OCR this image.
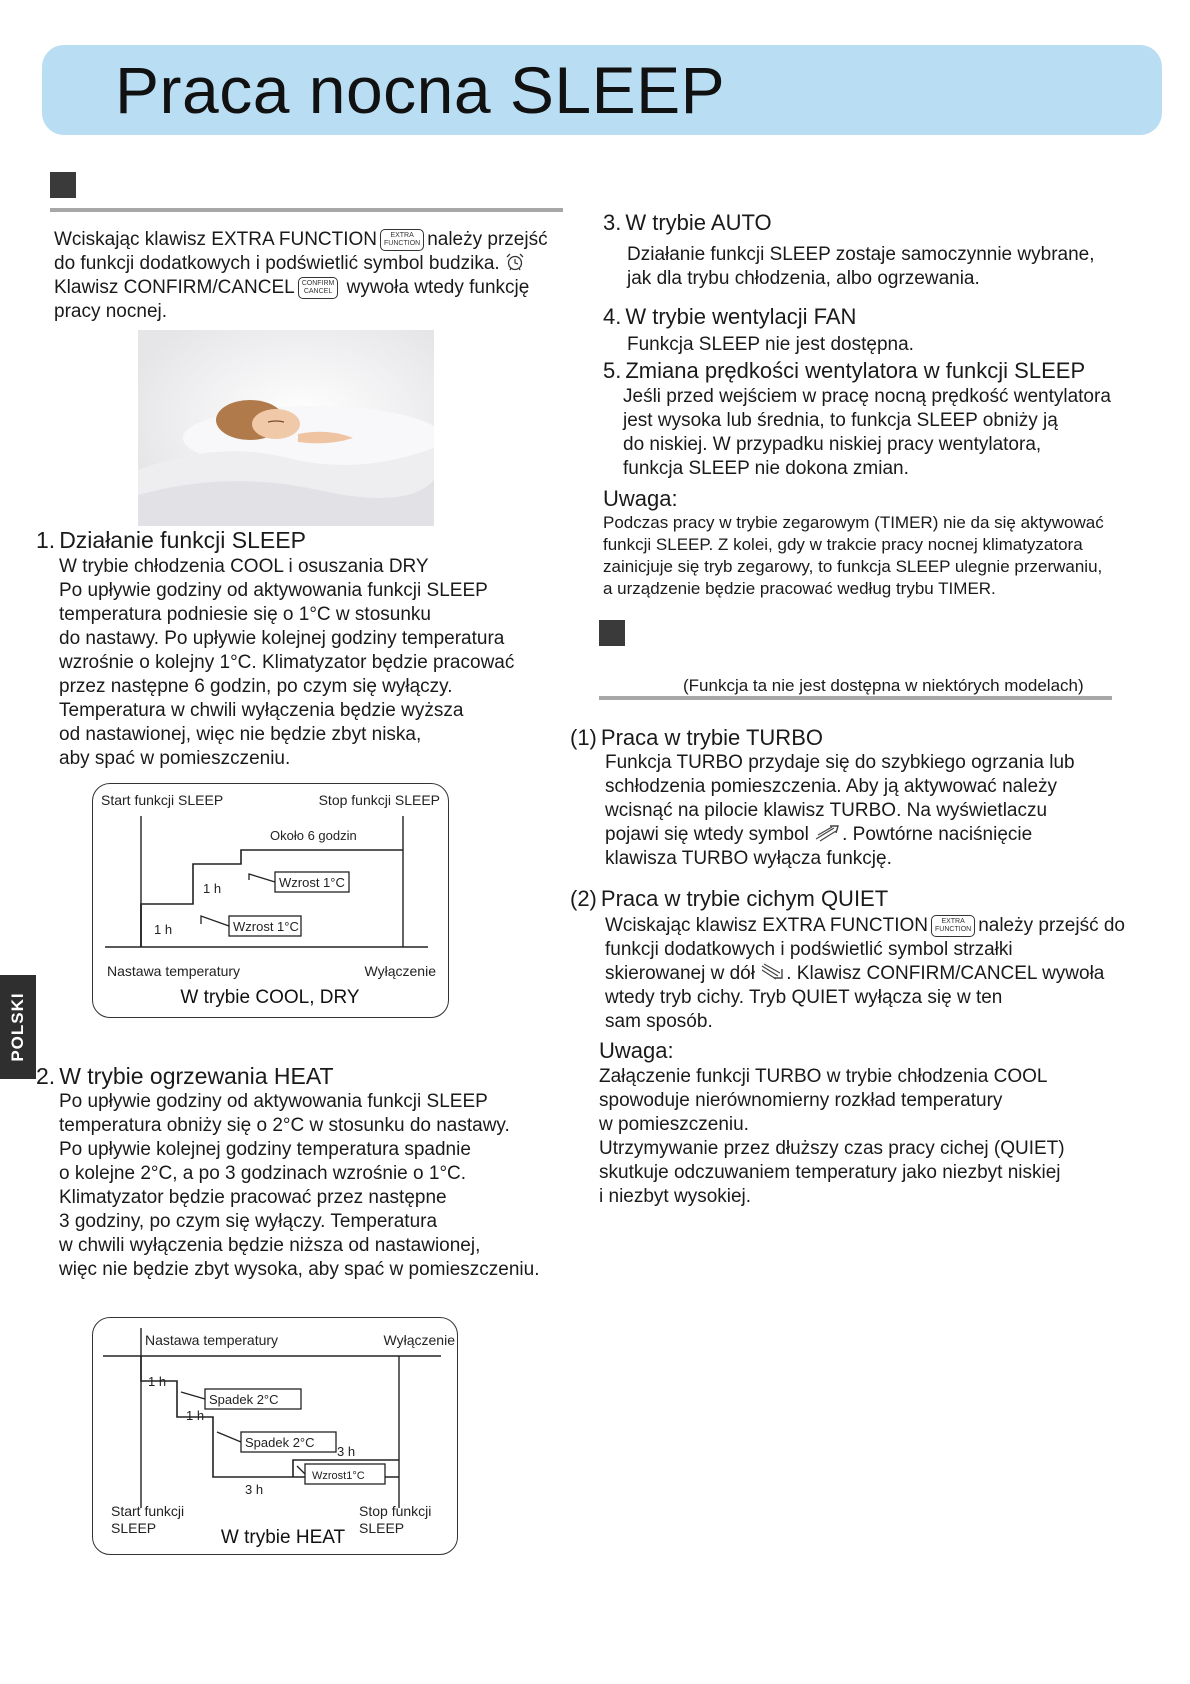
Praca nocna SLEEP
Wciskając klawisz EXTRA FUNCTION	EXTRA
FUNCTION należy przejść
do funkcji dodatkowych i podświetlić symbol budzika.
Klawisz CONFIRM/CANCEL CONFIRM
CANCEL wywoła wtedy funkcję
pracy nocnej.
1. Działanie funkcji SLEEP
W trybie chłodzenia COOL i osuszania DRY
Po upływie godziny od aktywowania funkcji SLEEP
temperatura podniesie się o 1°C w stosunku
do nastawy. Po upływie kolejnej godziny temperatura
wzrośnie o kolejny 1°C. Klimatyzator będzie pracować
przez następne 6 godzin, po czym się wyłączy.
Temperatura w chwili wyłączenia będzie wyższa
od nastawionej, więc nie będzie zbyt niska,
aby spać w pomieszczeniu.
Start funkcji SLEEP	Stop funkcji SLEEP
Około 6 godzin
1 h
1 h
Wzrost 1°C
Wzrost 1°C
Nastawa temperatury	Wyłączenie
W trybie COOL, DRY
POLSKI
2. W trybie ogrzewania HEAT
Po upływie godziny od aktywowania funkcji SLEEP
temperatura obniży się o 2°C w stosunku do nastawy.
Po upływie kolejnej godziny temperatura spadnie
o kolejne 2°C, a po 3 godzinach wzrośnie o 1°C.
Klimatyzator będzie pracować przez następne
3 godziny, po czym się wyłączy. Temperatura
w chwili wyłączenia będzie niższa od nastawionej,
więc nie będzie zbyt wysoka, aby spać w pomieszczeniu.
Nastawa temperatury	Wyłączenie
1 h
Spadek 2°C
1 h
Spadek 2°C
3 h
3 h
Wzrost1°C
Start funkcji
SLEEP
Stop funkcji
SLEEP
W trybie HEAT
3. W trybie AUTO
Działanie funkcji SLEEP zostaje samoczynnie wybrane,
jak dla trybu chłodzenia, albo ogrzewania.
4. W trybie wentylacji FAN
Funkcja SLEEP nie jest dostępna.
5. Zmiana prędkości wentylatora w funkcji SLEEP
Jeśli przed wejściem w pracę nocną prędkość wentylatora
jest wysoka lub średnia, to funkcja SLEEP obniży ją
do niskiej. W przypadku niskiej pracy wentylatora,
funkcja SLEEP nie dokona zmian.
Uwaga:
Podczas pracy w trybie zegarowym (TIMER) nie da się aktywować
funkcji SLEEP. Z kolei, gdy w trakcie pracy nocnej klimatyzatora
zainicjuje się tryb zegarowy, to funkcja SLEEP ulegnie przerwaniu,
a urządzenie będzie pracować według trybu TIMER.
(Funkcja ta nie jest dostępna w niektórych modelach)
(1) Praca w trybie TURBO
Funkcja TURBO przydaje się do szybkiego ogrzania lub
schłodzenia pomieszczenia. Aby ją aktywować należy
wcisnąć na pilocie klawisz TURBO. Na wyświetlaczu
pojawi się wtedy symbol . Powtórne naciśnięcie
klawisza TURBO wyłącza funkcję.
(2) Praca w trybie cichym QUIET
Wciskając klawisz EXTRA FUNCTION	EXTRA
FUNCTION należy przejść do
funkcji dodatkowych i podświetlić symbol strzałki
skierowanej w dół . Klawisz CONFIRM/CANCEL wywoła
wtedy tryb cichy. Tryb QUIET wyłącza się w ten
sam sposób.
Uwaga:
Załączenie funkcji TURBO w trybie chłodzenia COOL
spowoduje nierównomierny rozkład temperatury
w pomieszczeniu.
Utrzymywanie przez dłuższy czas pracy cichej (QUIET)
skutkuje odczuwaniem temperatury jako niezbyt niskiej
i niezbyt wysokiej.
